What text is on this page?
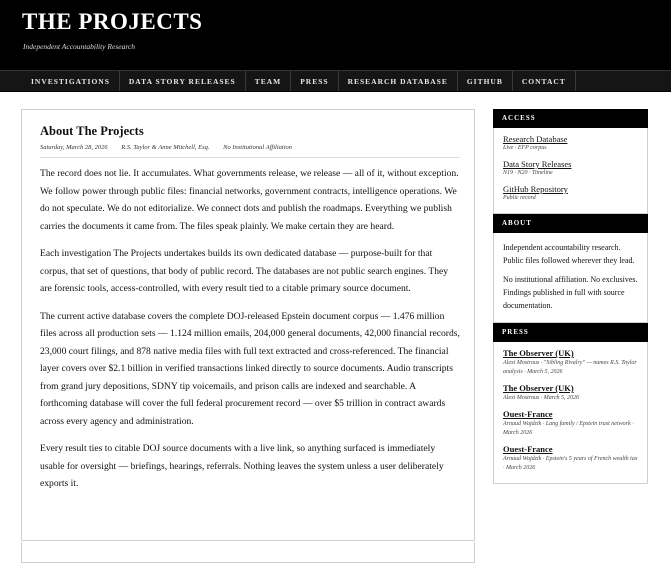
THE PROJECTS
Independent Accountability Research
INVESTIGATIONS	DATA STORY RELEASES	TEAM	PRESS	RESEARCH DATABASE	GITHUB	CONTACT
About The Projects
Saturday, March 28, 2026 R.S. Taylor & Anne Mitchell, Esq. No Institutional Affiliation

The record does not lie. It accumulates. What governments release, we release — all of it, without exception. We follow power through public files: financial networks, government contracts, intelligence operations. We do not speculate. We do not editorialize. We connect dots and publish the roadmaps. Everything we publish carries the documents it came from. The files speak plainly. We make certain they are heard.

Each investigation The Projects undertakes builds its own dedicated database — purpose-built for that corpus, that set of questions, that body of public record. The databases are not public search engines. They are forensic tools, access-controlled, with every result tied to a citable primary source document.

The current active database covers the complete DOJ-released Epstein document corpus — 1.476 million files across all production sets — 1.124 million emails, 204,000 general documents, 42,000 financial records, 23,000 court filings, and 878 native media files with full text extracted and cross-referenced. The financial layer covers over $2.1 billion in verified transactions linked directly to source documents. Audio transcripts from grand jury depositions, SDNY tip voicemails, and prison calls are indexed and searchable. A forthcoming database will cover the full federal procurement record — over $5 trillion in contract awards across every agency and administration.

Every result ties to citable DOJ source documents with a live link, so anything surfaced is immediately usable for oversight — briefings, hearings, referrals. Nothing leaves the system unless a user deliberately exports it.

ACCESS
Research Database
Live · EFP corpus
Data Story Releases
N19 · N20 · Timeline
GitHub Repository
Public record
ABOUT

Independent accountability research. Public files followed wherever they lead.

No institutional affiliation. No exclusives. Findings published in full with source documentation.

PRESS
The Observer (UK)
Alexi Mostrous · "Sibling Rivalry" — names R.S. Taylor analysis · March 5, 2026
The Observer (UK)
Alexi Mostrous · March 5, 2026
Ouest-France
Arnaud Wajdzik · Lang family / Epstein trust network · March 2026
Ouest-France
Arnaud Wajdzik · Epstein's 5 years of French wealth tax · March 2026
